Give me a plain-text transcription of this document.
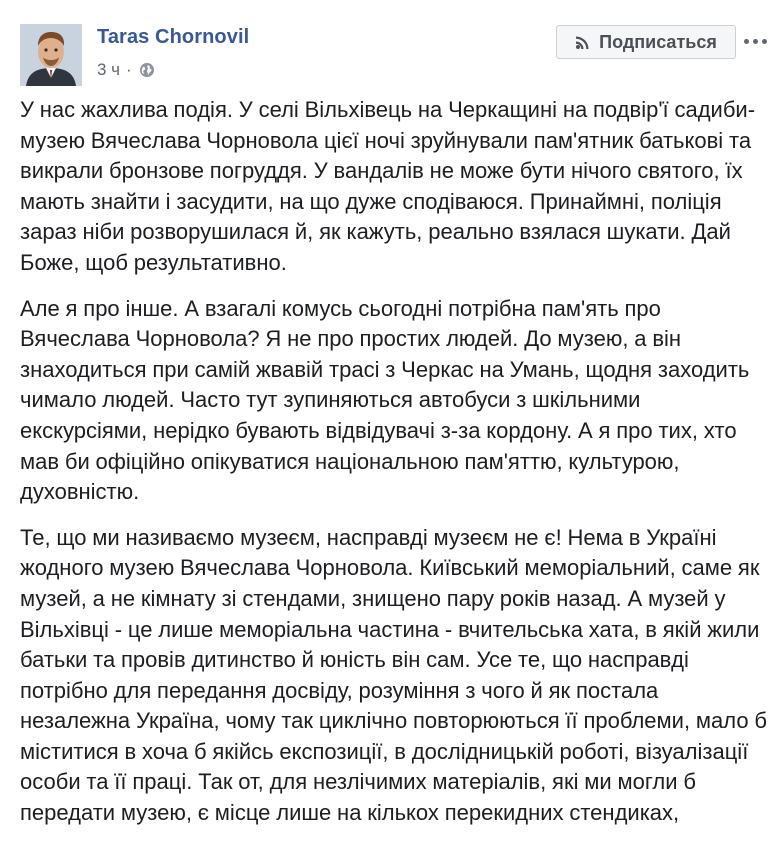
Taras Chornovil
3 ч ·
Подписаться

У нас жахлива подія. У селі Вільхівець на Черкащині на подвір'ї садиби-музею Вячеслава Чорновола цієї ночі зруйнували пам'ятник батькові та викрали бронзове погруддя. У вандалів не може бути нічого святого, їх мають знайти і засудити, на що дуже сподіваюся. Принаймні, поліція зараз ніби розворушилася й, як кажуть, реально взялася шукати. Дай Боже, щоб результативно.

Але я про інше. А взагалі комусь сьогодні потрібна пам'ять про Вячеслава Чорновола? Я не про простих людей. До музею, а він знаходиться при самій жвавій трасі з Черкас на Умань, щодня заходить чимало людей. Часто тут зупиняються автобуси з шкільними екскурсіями, нерідко бувають відвідувачі з-за кордону. А я про тих, хто мав би офіційно опікуватися національною пам'яттю, культурою, духовністю.

Те, що ми називаємо музеєм, насправді музеєм не є! Нема в Україні жодного музею Вячеслава Чорновола. Київський меморіальний, саме як музей, а не кімнату зі стендами, знищено пару років назад. А музей у Вільхівці - це лише меморіальна частина - вчительська хата, в якій жили батьки та провів дитинство й юність він сам. Усе те, що насправді потрібно для передання досвіду, розуміння з чого й як постала незалежна Україна, чому так циклічно повторюються її проблеми, мало б міститися в хоча б якійсь експозиції, в дослідницькій роботі, візуалізації особи та її праці. Так от, для незлічимих матеріалів, які ми могли б передати музею, є місце лише на кількох перекидних стендиках,
